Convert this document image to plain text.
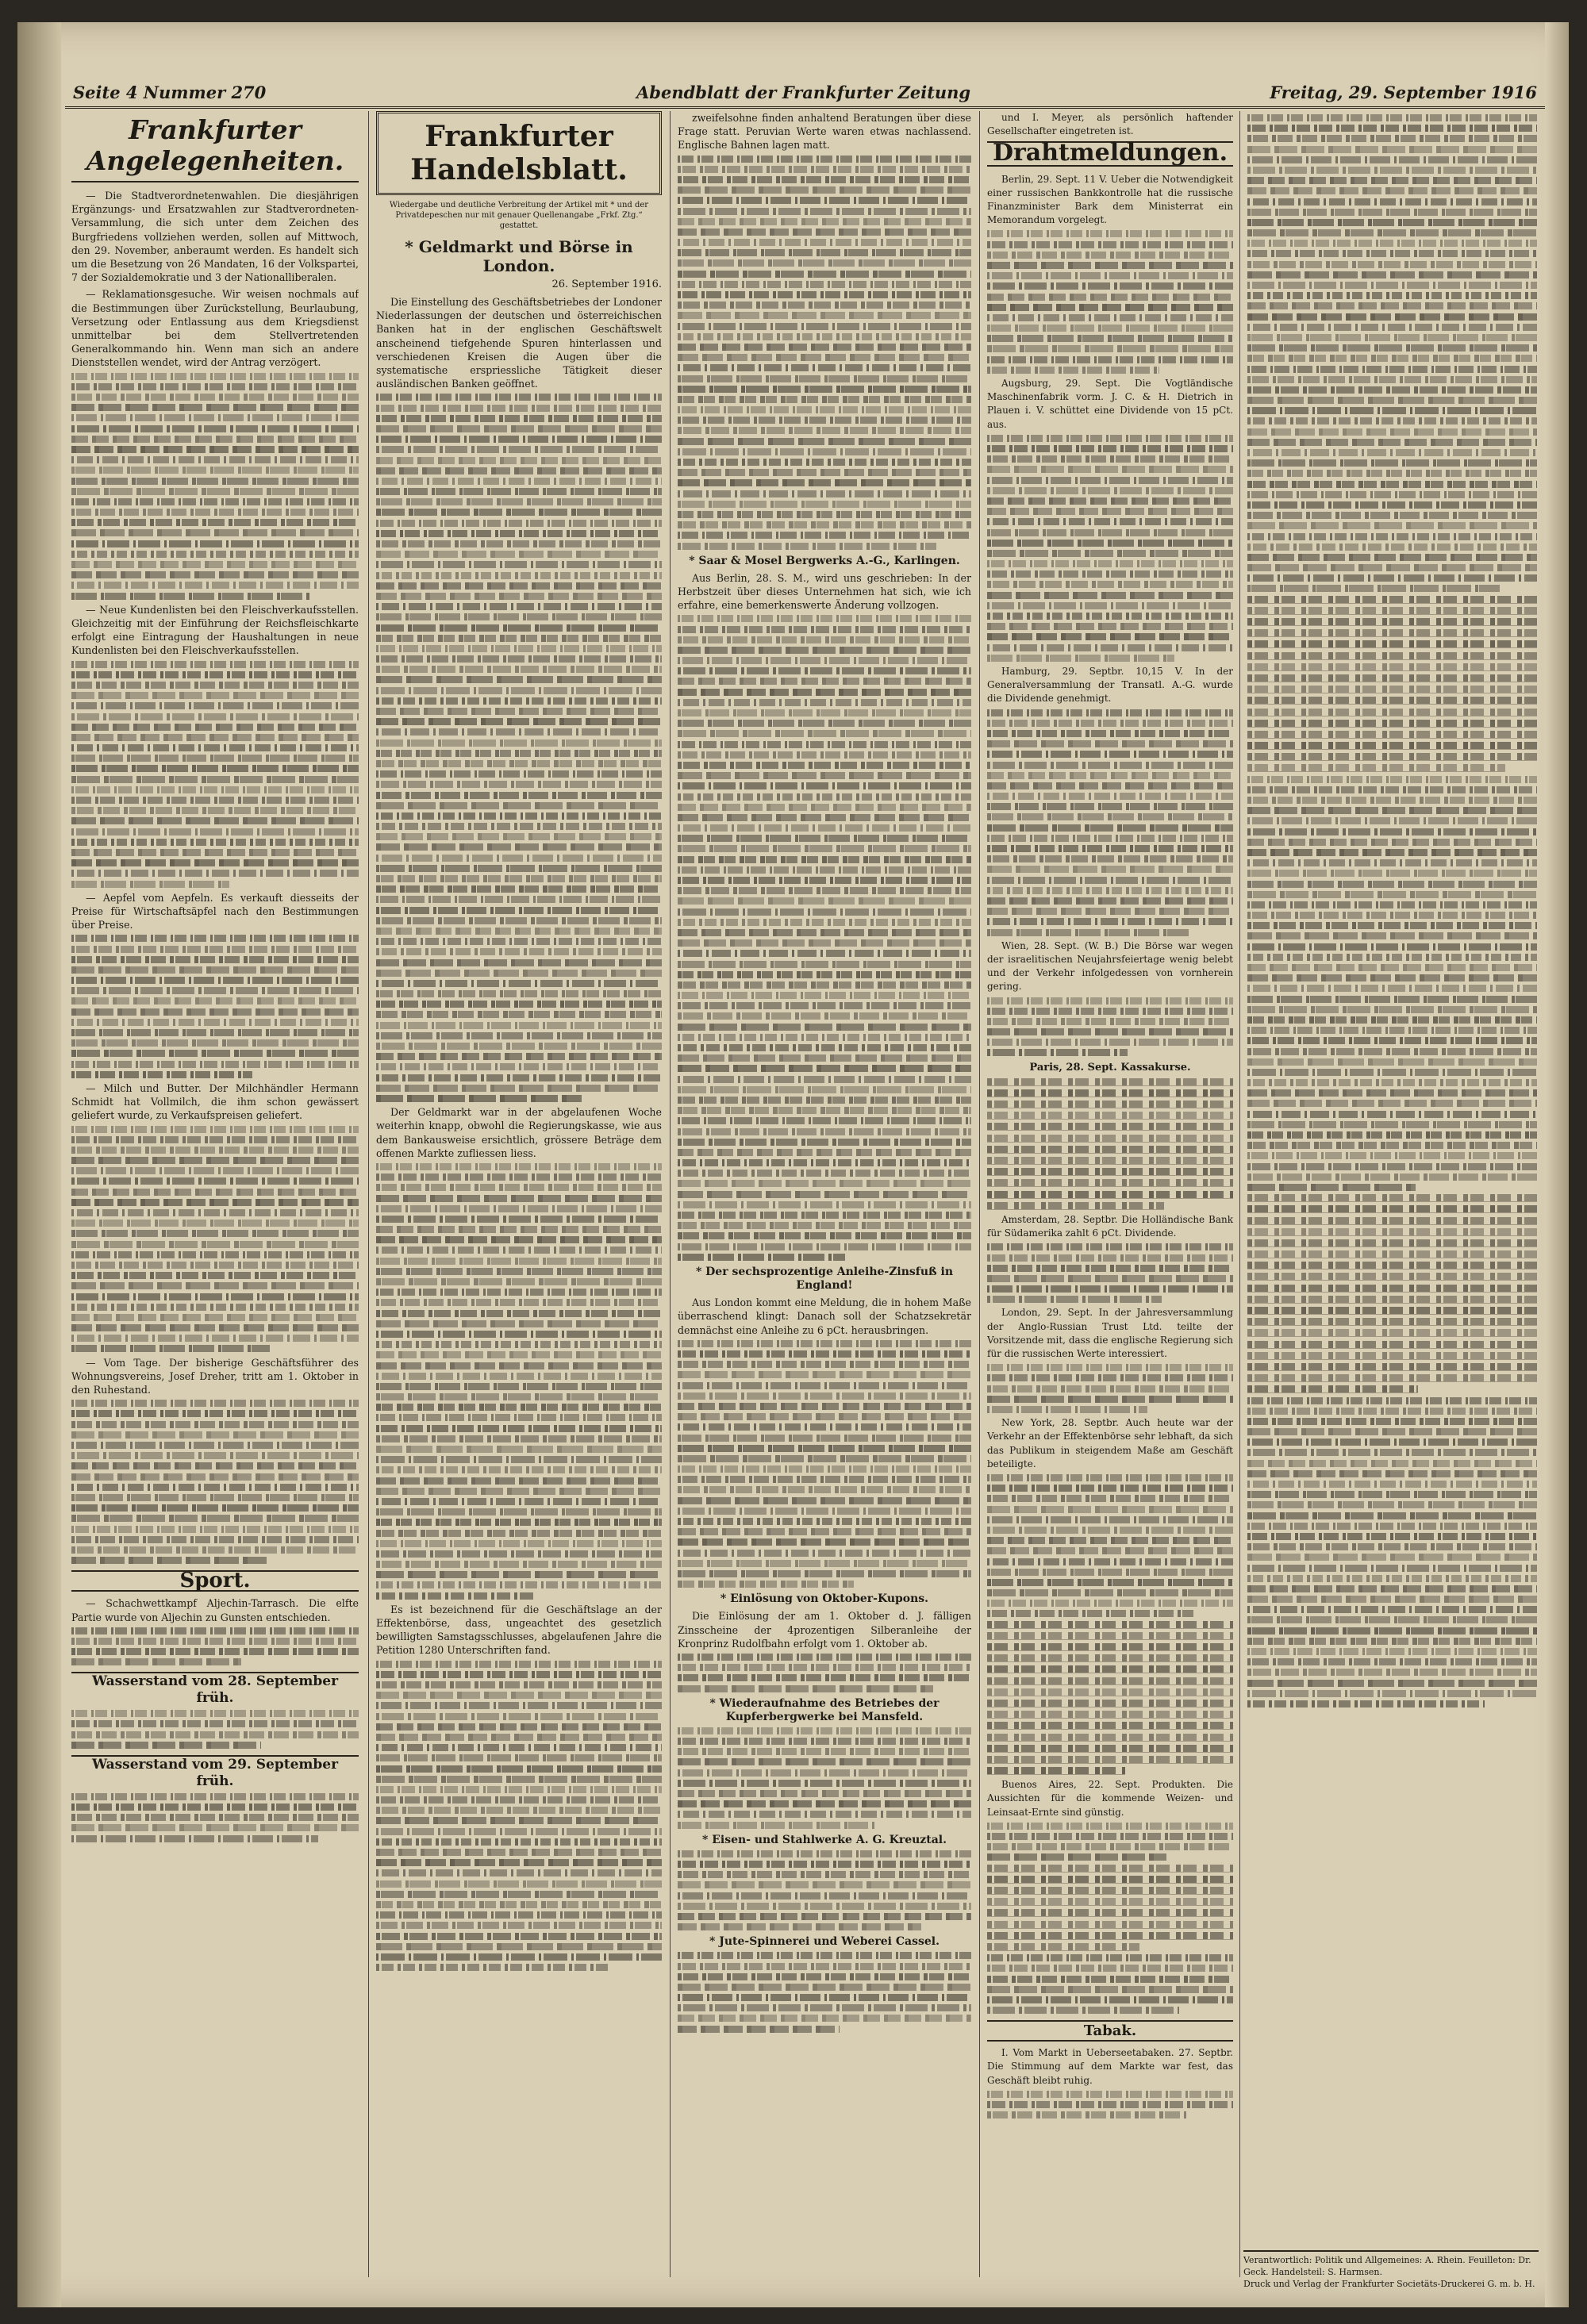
Seite 4 Nummer 270	Abendblatt der Frankfurter Zeitung	Freitag, 29. September 1916
Frankfurter Angelegenheiten.

— Die Stadtverordnetenwahlen. Die diesjährigen Ergänzungs- und Ersatzwahlen zur Stadtverordneten-Versammlung, die sich unter dem Zeichen des Burgfriedens vollziehen werden, sollen auf Mittwoch, den 29. November, anberaumt werden. Es handelt sich um die Besetzung von 26 Mandaten, 16 der Volkspartei, 7 der Sozialdemokratie und 3 der Nationalliberalen.

— Reklamationsgesuche. Wir weisen nochmals auf die Bestimmungen über Zurückstellung, Beurlaubung, Versetzung oder Entlassung aus dem Kriegsdienst unmittelbar bei dem Stellvertretenden Generalkommando hin. Wenn man sich an andere Dienststellen wendet, wird der Antrag verzögert.

— Neue Kundenlisten bei den Fleischverkaufsstellen. Gleichzeitig mit der Einführung der Reichsfleischkarte erfolgt eine Eintragung der Haushaltungen in neue Kundenlisten bei den Fleischverkaufsstellen.

— Aepfel vom Aepfeln. Es verkauft diesseits der Preise für Wirtschaftsäpfel nach den Bestimmungen über Preise.

— Milch und Butter. Der Milchhändler Hermann Schmidt hat Vollmilch, die ihm schon gewässert geliefert wurde, zu Verkaufspreisen geliefert.

— Vom Tage. Der bisherige Geschäftsführer des Wohnungsvereins, Josef Dreher, tritt am 1. Oktober in den Ruhestand.

Sport.

— Schachwettkampf Aljechin-Tarrasch. Die elfte Partie wurde von Aljechin zu Gunsten entschieden.

Wasserstand vom 28. September früh.
Wasserstand vom 29. September früh.
Frankfurter Handelsblatt.
Wiedergabe und deutliche Verbreitung der Artikel mit * und der Privatdepeschen nur mit genauer Quellenangabe „Frkf. Ztg.“ gestattet.
* Geldmarkt und Börse in London.
26. September 1916.

Die Einstellung des Geschäftsbetriebes der Londoner Niederlassungen der deutschen und österreichischen Banken hat in der englischen Geschäftswelt anscheinend tiefgehende Spuren hinterlassen und verschiedenen Kreisen die Augen über die systematische erspriessliche Tätigkeit dieser ausländischen Banken geöffnet.

Der Geldmarkt war in der abgelaufenen Woche weiterhin knapp, obwohl die Regierungskasse, wie aus dem Bankausweise ersichtlich, grössere Beträge dem offenen Markte zufliessen liess.

Es ist bezeichnend für die Geschäftslage an der Effektenbörse, dass, ungeachtet des gesetzlich bewilligten Samstagsschlusses, abgelaufenen Jahre die Petition 1280 Unterschriften fand.

zweifelsohne finden anhaltend Beratungen über diese Frage statt. Peruvian Werte waren etwas nachlassend. Englische Bahnen lagen matt.

* Saar & Mosel Bergwerks A.-G., Karlingen.

Aus Berlin, 28. S. M., wird uns geschrieben: In der Herbstzeit über dieses Unternehmen hat sich, wie ich erfahre, eine bemerkenswerte Änderung vollzogen.

* Der sechsprozentige Anleihe-Zinsfuß in England!

Aus London kommt eine Meldung, die in hohem Maße überraschend klingt: Danach soll der Schatzsekretär demnächst eine Anleihe zu 6 pCt. herausbringen.

* Einlösung von Oktober-Kupons.

Die Einlösung der am 1. Oktober d. J. fälligen Zinsscheine der 4prozentigen Silberanleihe der Kronprinz Rudolfbahn erfolgt vom 1. Oktober ab.

* Wiederaufnahme des Betriebes der Kupferbergwerke bei Mansfeld.
* Eisen- und Stahlwerke A. G. Kreuztal.
* Jute-Spinnerei und Weberei Cassel.

und I. Meyer, als persönlich haftender Gesellschafter eingetreten ist.

Drahtmeldungen.

Berlin, 29. Sept. 11 V. Ueber die Notwendigkeit einer russischen Bankkontrolle hat die russische Finanzminister Bark dem Ministerrat ein Memorandum vorgelegt.

Augsburg, 29. Sept. Die Vogtländische Maschinenfabrik vorm. J. C. & H. Dietrich in Plauen i. V. schüttet eine Dividende von 15 pCt. aus.

Hamburg, 29. Septbr. 10,15 V. In der Generalversammlung der Transatl. A.-G. wurde die Dividende genehmigt.

Wien, 28. Sept. (W. B.) Die Börse war wegen der israelitischen Neujahrsfeiertage wenig belebt und der Verkehr infolgedessen von vornherein gering.

Paris, 28. Sept. Kassakurse.

Amsterdam, 28. Septbr. Die Holländische Bank für Südamerika zahlt 6 pCt. Dividende.

London, 29. Sept. In der Jahresversammlung der Anglo-Russian Trust Ltd. teilte der Vorsitzende mit, dass die englische Regierung sich für die russischen Werte interessiert.

New York, 28. Septbr. Auch heute war der Verkehr an der Effektenbörse sehr lebhaft, da sich das Publikum in steigendem Maße am Geschäft beteiligte.

Buenos Aires, 22. Sept. Produkten. Die Aussichten für die kommende Weizen- und Leinsaat-Ernte sind günstig.

Tabak.

I. Vom Markt in Ueberseetabaken. 27. Septbr. Die Stimmung auf dem Markte war fest, das Geschäft bleibt ruhig.

Verantwortlich: Politik und Allgemeines: A. Rhein. Feuilleton: Dr. Geck. Handelsteil: S. Harmsen.
Druck und Verlag der Frankfurter Societäts-Druckerei G. m. b. H.
